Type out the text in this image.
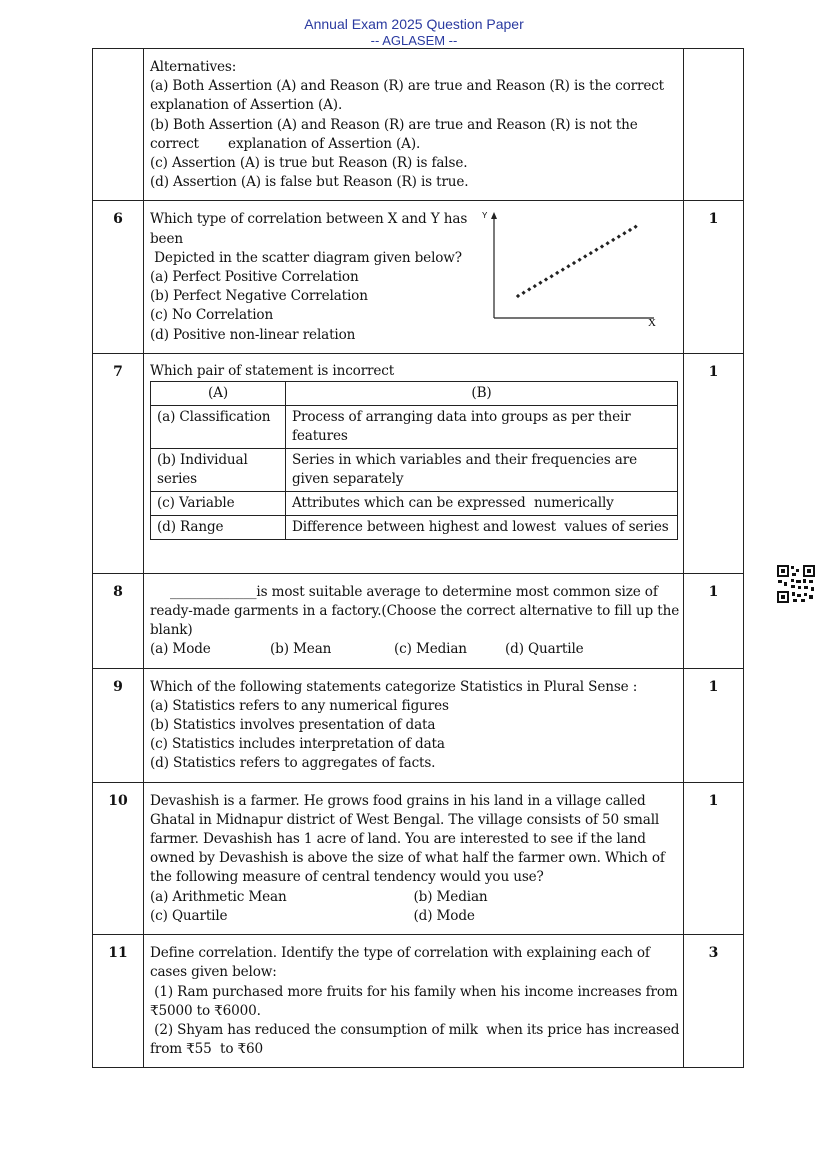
Annual Exam 2025 Question Paper
-- AGLASEM --

Alternatives:
(a) Both Assertion (A) and Reason (R) are true and Reason (R) is the correct
explanation of Assertion (A).
(b) Both Assertion (A) and Reason (R) are true and Reason (R) is not the
correct       explanation of Assertion (A).
(c) Assertion (A) is true but Reason (R) is false.
(d) Assertion (A) is false but Reason (R) is true.

6	Which type of correlation between X and Y has
been
Depicted in the scatter diagram given below?
(a) Perfect Positive Correlation
(b) Perfect Negative Correlation
(c) No Correlation
(d) Positive non-linear relation
Y
X
	1
7	Which pair of statement is incorrect
(A)	(B)
(a) Classification	Process of arranging data into groups as per their features
(b) Individual series	Series in which variables and their frequencies are given separately
(c) Variable	Attributes which can be expressed  numerically
(d) Range	Difference between highest and lowest  values of series
	1
8	_____________is most suitable average to determine most common size of
ready-made garments in a factory.(Choose the correct alternative to fill up the
blank)
(a) Mode	(b) Mean	(c) Median	(d) Quartile
	1
9	Which of the following statements categorize Statistics in Plural Sense :
(a) Statistics refers to any numerical figures
(b) Statistics involves presentation of data
(c) Statistics includes interpretation of data
(d) Statistics refers to aggregates of facts.
	1
10	Devashish is a farmer. He grows food grains in his land in a village called
Ghatal in Midnapur district of West Bengal. The village consists of 50 small
farmer. Devashish has 1 acre of land. You are interested to see if the land
owned by Devashish is above the size of what half the farmer own. Which of
the following measure of central tendency would you use?
(a) Arithmetic Mean	(b) Median
(c) Quartile	(d) Mode
	1
11	Define correlation. Identify the type of correlation with explaining each of
cases given below:
(1) Ram purchased more fruits for his family when his income increases from
₹5000 to ₹6000.
(2) Shyam has reduced the consumption of milk  when its price has increased
from ₹55  to ₹60
	3
